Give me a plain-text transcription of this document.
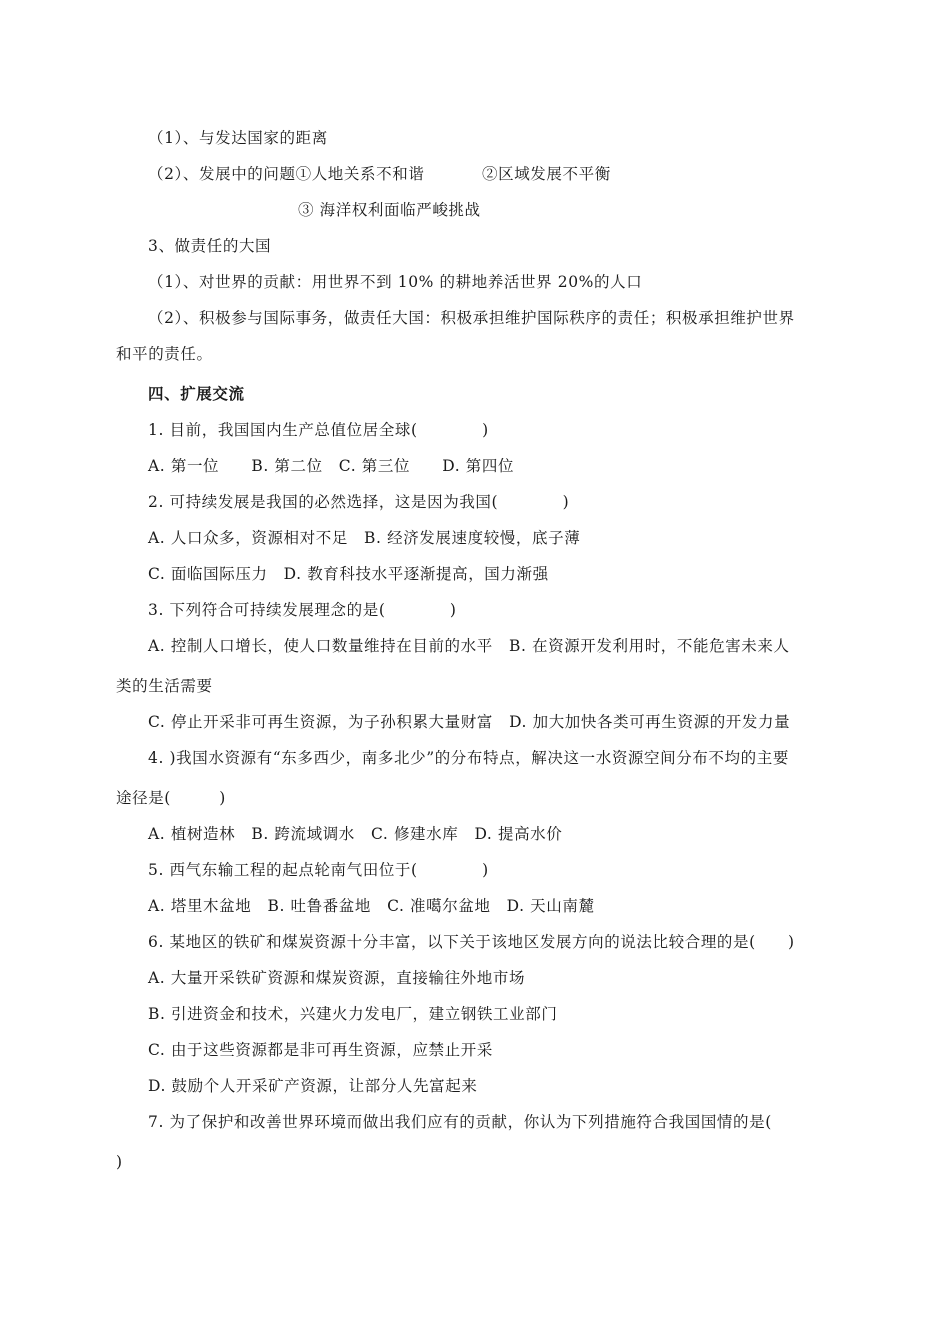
（1）、与发达国家的距离
（2）、发展中的问题①人地关系不和谐	②区域发展不平衡
③ 海洋权利面临严峻挑战
3、做责任的大国
（1）、对世界的贡献：用世界不到 10% 的耕地养活世界 20%的人口
（2）、积极参与国际事务，做责任大国：积极承担维护国际秩序的责任；积极承担维护世界
和平的责任。
四、扩展交流
1. 目前，我国国内生产总值位居全球(　　　　)
A. 第一位　　B. 第二位　C. 第三位　　D. 第四位
2. 可持续发展是我国的必然选择，这是因为我国(　　　　)
A. 人口众多，资源相对不足　B. 经济发展速度较慢，底子薄
C. 面临国际压力　D. 教育科技水平逐渐提高，国力渐强
3. 下列符合可持续发展理念的是(　　　　)
A. 控制人口增长，使人口数量维持在目前的水平　B. 在资源开发利用时，不能危害未来人
类的生活需要
C. 停止开采非可再生资源，为子孙积累大量财富　D. 加大加快各类可再生资源的开发力量
4. )我国水资源有“东多西少，南多北少”的分布特点，解决这一水资源空间分布不均的主要
途径是(　　　)
A. 植树造林　B. 跨流域调水　C. 修建水库　D. 提高水价
5. 西气东输工程的起点轮南气田位于(　　　　)
A. 塔里木盆地　B. 吐鲁番盆地　C. 准噶尔盆地　D. 天山南麓
6. 某地区的铁矿和煤炭资源十分丰富，以下关于该地区发展方向的说法比较合理的是(　　)
A. 大量开采铁矿资源和煤炭资源，直接输往外地市场
B. 引进资金和技术，兴建火力发电厂，建立钢铁工业部门
C. 由于这些资源都是非可再生资源，应禁止开采
D. 鼓励个人开采矿产资源，让部分人先富起来
7. 为了保护和改善世界环境而做出我们应有的贡献，你认为下列措施符合我国国情的是(
)
